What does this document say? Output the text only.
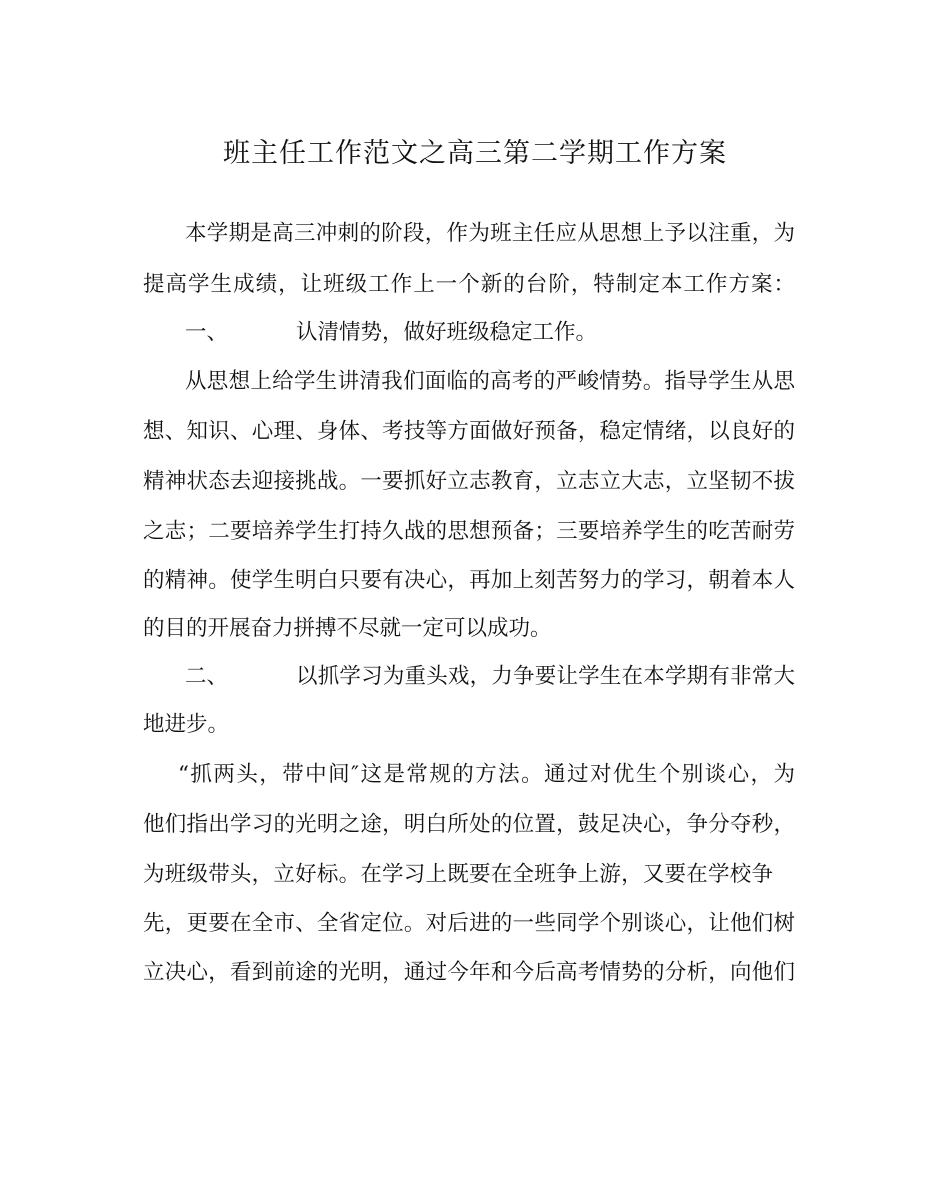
班主任工作范文之高三第二学期工作方案
本学期是高三冲刺的阶段，作为班主任应从思想上予以注重，为
提高学生成绩，让班级工作上一个新的台阶，特制定本工作方案：
一、	认清情势，做好班级稳定工作。
从思想上给学生讲清我们面临的高考的严峻情势。指导学生从思
想、知识、心理、身体、考技等方面做好预备，稳定情绪，以良好的
精神状态去迎接挑战。一要抓好立志教育，立志立大志，立坚韧不拔
之志；二要培养学生打持久战的思想预备；三要培养学生的吃苦耐劳
的精神。使学生明白只要有决心，再加上刻苦努力的学习，朝着本人
的目的开展奋力拼搏不尽就一定可以成功。
二、	以抓学习为重头戏，力争要让学生在本学期有非常大
地进步。
“抓两头，带中间″这是常规的方法。通过对优生个别谈心，为
他们指出学习的光明之途，明白所处的位置，鼓足决心，争分夺秒，
为班级带头，立好标。在学习上既要在全班争上游，又要在学校争
先，更要在全市、全省定位。对后进的一些同学个别谈心，让他们树
立决心，看到前途的光明，通过今年和今后高考情势的分析，向他们
